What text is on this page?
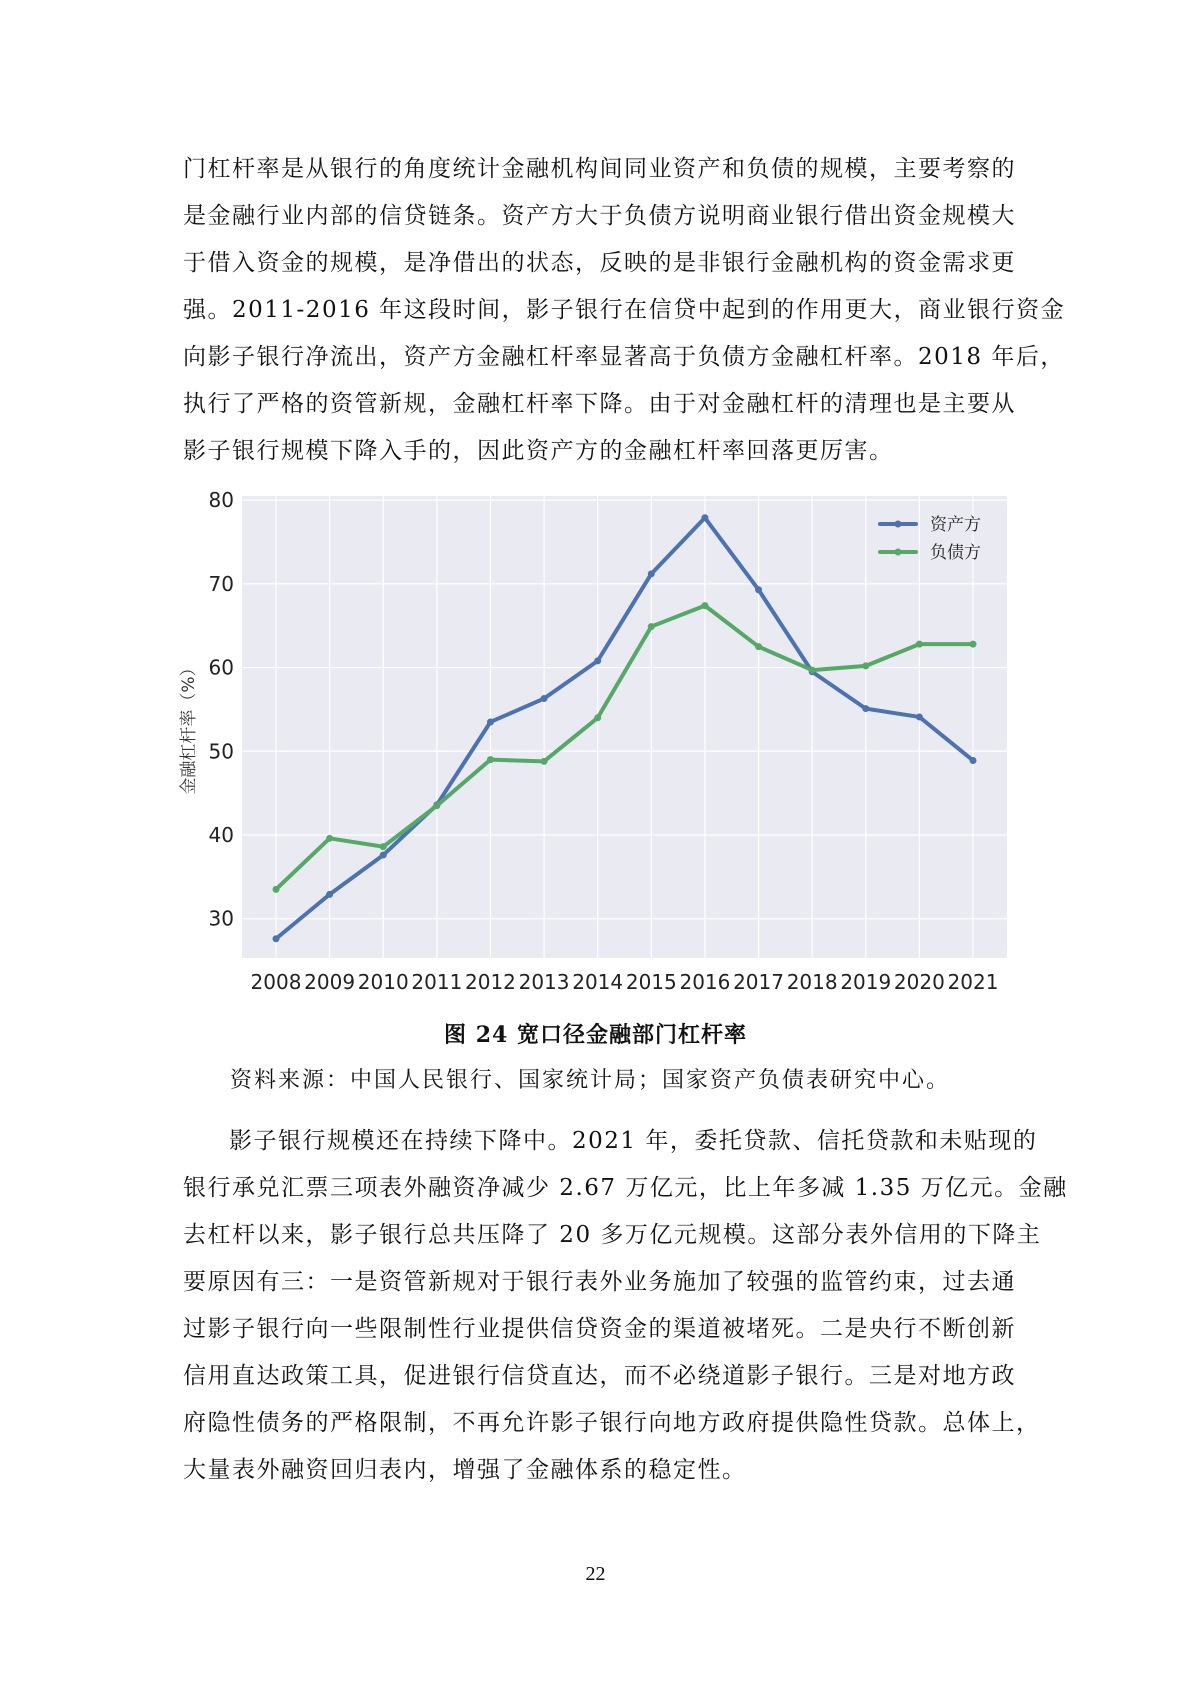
门杠杆率是从银行的角度统计金融机构间同业资产和负债的规模，主要考察的
是金融行业内部的信贷链条。资产方大于负债方说明商业银行借出资金规模大
于借入资金的规模，是净借出的状态，反映的是非银行金融机构的资金需求更
强。2011-2016 年这段时间，影子银行在信贷中起到的作用更大，商业银行资金
向影子银行净流出，资产方金融杠杆率显著高于负债方金融杠杆率。2018 年后，
执行了严格的资管新规，金融杠杆率下降。由于对金融杠杆的清理也是主要从
影子银行规模下降入手的，因此资产方的金融杠杆率回落更厉害。
30
40
50
60
70
80
2008 2009 2010 2011 2012 2013 2014 2015 2016 2017 2018 2019 2020 2021
金融杠杆率（%）
资产方
负债方
图 24 宽口径金融部门杠杆率
资料来源：中国人民银行、国家统计局；国家资产负债表研究中心。
影子银行规模还在持续下降中。2021 年，委托贷款、信托贷款和未贴现的
银行承兑汇票三项表外融资净减少 2.67 万亿元，比上年多减 1.35 万亿元。金融
去杠杆以来，影子银行总共压降了 20 多万亿元规模。这部分表外信用的下降主
要原因有三：一是资管新规对于银行表外业务施加了较强的监管约束，过去通
过影子银行向一些限制性行业提供信贷资金的渠道被堵死。二是央行不断创新
信用直达政策工具，促进银行信贷直达，而不必绕道影子银行。三是对地方政
府隐性债务的严格限制，不再允许影子银行向地方政府提供隐性贷款。总体上，
大量表外融资回归表内，增强了金融体系的稳定性。
22
